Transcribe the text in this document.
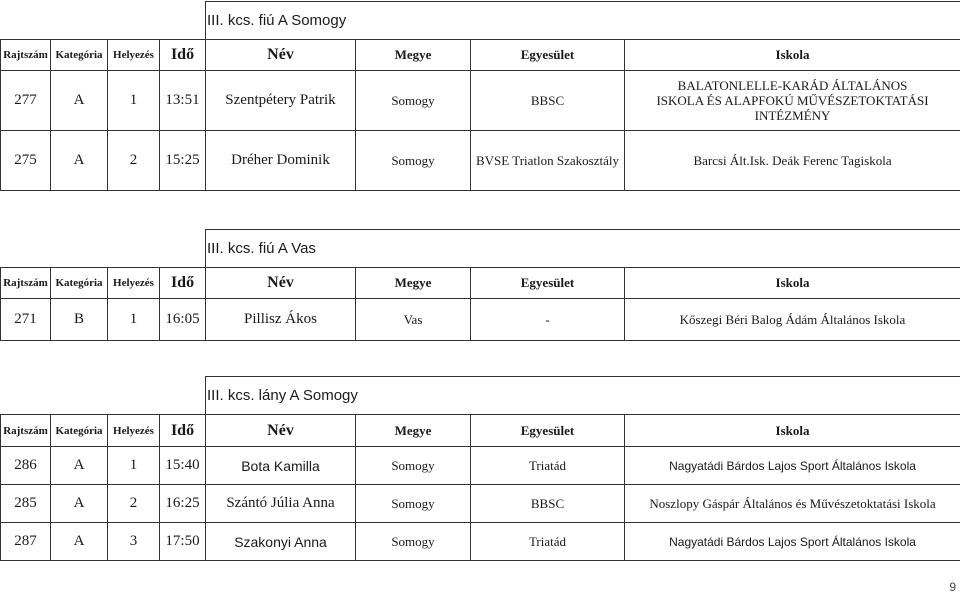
				III. kcs. fiú A Somogy			
Rajtszám	Kategória	Helyezés	Idő	Név	Megye	Egyesület	Iskola
277	A	1	13:51	Szentpétery Patrik	Somogy	BBSC	BALATONLELLE-KARÁD ÁLTALÁNOS ISKOLA ÉS ALAPFOKÚ MŰVÉSZETOKTATÁSI INTÉZMÉNY
275	A	2	15:25	Dréher Dominik	Somogy	BVSE Triatlon Szakosztály	Barcsi Ált.Isk. Deák Ferenc Tagiskola
				III. kcs. fiú A Vas			
Rajtszám	Kategória	Helyezés	Idő	Név	Megye	Egyesület	Iskola
271	B	1	16:05	Pillisz Ákos	Vas	-	Kőszegi Béri Balog Ádám Általános Iskola
				III. kcs. lány A Somogy			
Rajtszám	Kategória	Helyezés	Idő	Név	Megye	Egyesület	Iskola
286	A	1	15:40	Bota Kamilla	Somogy	Triatád	Nagyatádi Bárdos Lajos Sport Általános Iskola
285	A	2	16:25	Szántó Júlia Anna	Somogy	BBSC	Noszlopy Gáspár Általános és Művészetoktatási Iskola
287	A	3	17:50	Szakonyi Anna	Somogy	Triatád	Nagyatádi Bárdos Lajos Sport Általános Iskola
9
